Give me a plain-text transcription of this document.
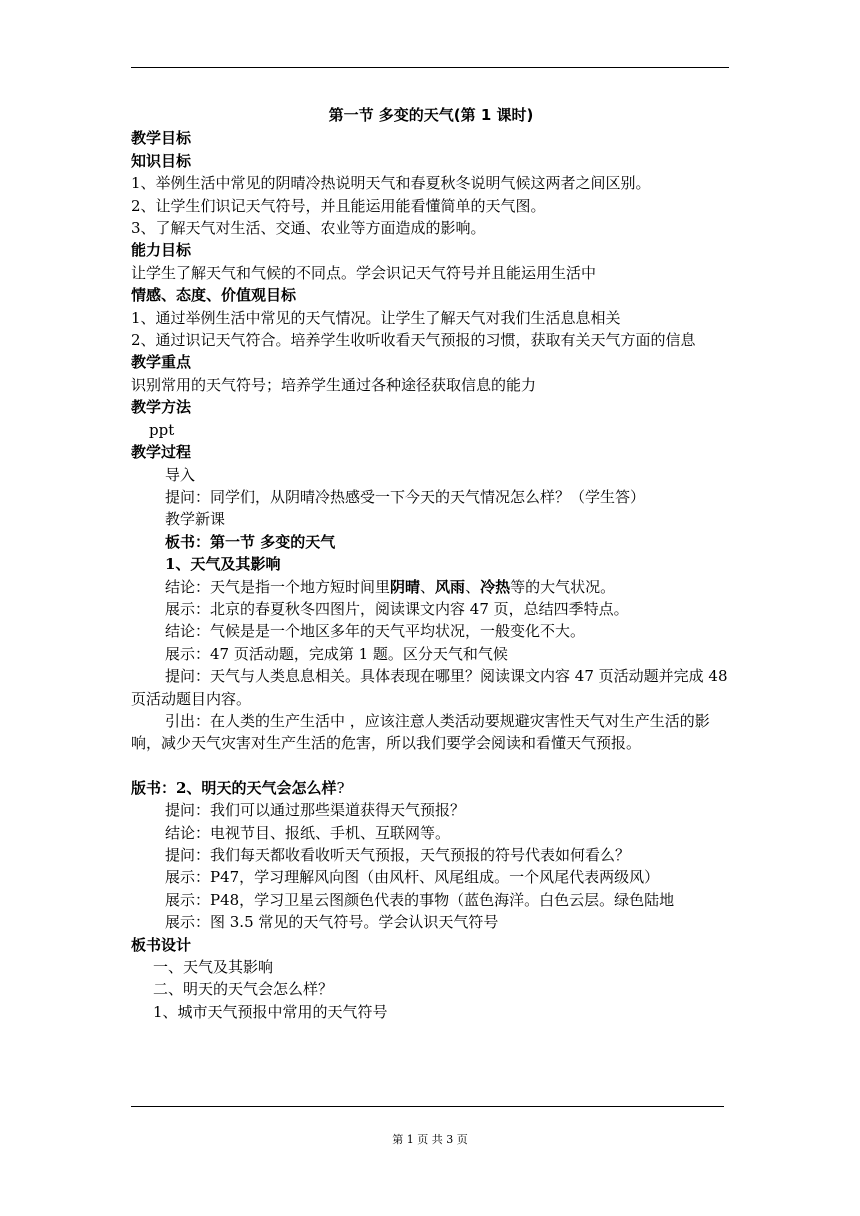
第一节 多变的天气(第 1 课时)
教学目标
知识目标
1、举例生活中常见的阴晴冷热说明天气和春夏秋冬说明气候这两者之间区别。
2、让学生们识记天气符号，并且能运用能看懂简单的天气图。
3、了解天气对生活、交通、农业等方面造成的影响。
能力目标
让学生了解天气和气候的不同点。学会识记天气符号并且能运用生活中
情感、态度、价值观目标
1、通过举例生活中常见的天气情况。让学生了解天气对我们生活息息相关
2、通过识记天气符合。培养学生收听收看天气预报的习惯，获取有关天气方面的信息
教学重点
识别常用的天气符号；培养学生通过各种途径获取信息的能力
教学方法
ppt
教学过程
导入
提问：同学们，从阴晴冷热感受一下今天的天气情况怎么样？（学生答）
教学新课
板书：第一节 多变的天气
1、天气及其影响
结论：天气是指一个地方短时间里阴晴、风雨、冷热等的大气状况。
展示：北京的春夏秋冬四图片，阅读课文内容 47 页，总结四季特点。
结论：气候是是一个地区多年的天气平均状况，一般变化不大。
展示：47 页活动题，完成第 1 题。区分天气和气候
提问：天气与人类息息相关。具体表现在哪里？阅读课文内容 47 页活动题并完成 48 页活动题目内容。
引出：在人类的生产生活中 ，应该注意人类活动要规避灾害性天气对生产生活的影响，减少天气灾害对生产生活的危害，所以我们要学会阅读和看懂天气预报。
版书：2、明天的天气会怎么样?
提问：我们可以通过那些渠道获得天气预报？
结论：电视节目、报纸、手机、互联网等。
提问：我们每天都收看收听天气预报，天气预报的符号代表如何看么？
展示：P47，学习理解风向图（由风杆、风尾组成。一个风尾代表两级风）
展示：P48，学习卫星云图颜色代表的事物（蓝色海洋。白色云层。绿色陆地
展示：图 3.5 常见的天气符号。学会认识天气符号
板书设计
一、天气及其影响
二、明天的天气会怎么样？
1、城市天气预报中常用的天气符号
第 1 页 共 3 页
